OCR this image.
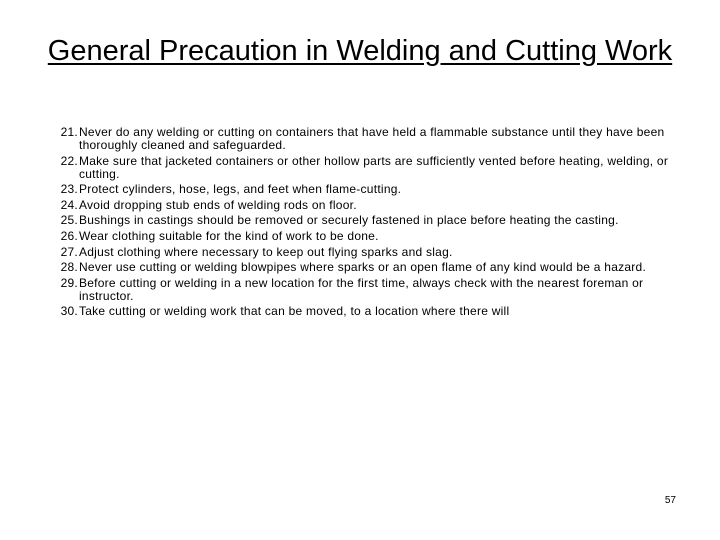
General Precaution in Welding and Cutting Work
21. Never do any welding or cutting on containers that have held a flammable substance until they have been thoroughly cleaned and safeguarded.
22. Make sure that jacketed containers or other hollow parts are sufficiently vented before heating, welding, or cutting.
23. Protect cylinders, hose, legs, and feet when flame-cutting.
24. Avoid dropping stub ends of welding rods on floor.
25. Bushings in castings should be removed or securely fastened in place before heating the casting.
26. Wear clothing suitable for the kind of work to be done.
27. Adjust clothing where necessary to keep out flying sparks and slag.
28. Never use cutting or welding blowpipes where sparks or an open flame of any kind would be a hazard.
29. Before cutting or welding in a new location for the first time, always check with the nearest foreman or instructor.
30. Take cutting or welding work that can be moved, to a location where there will
57
